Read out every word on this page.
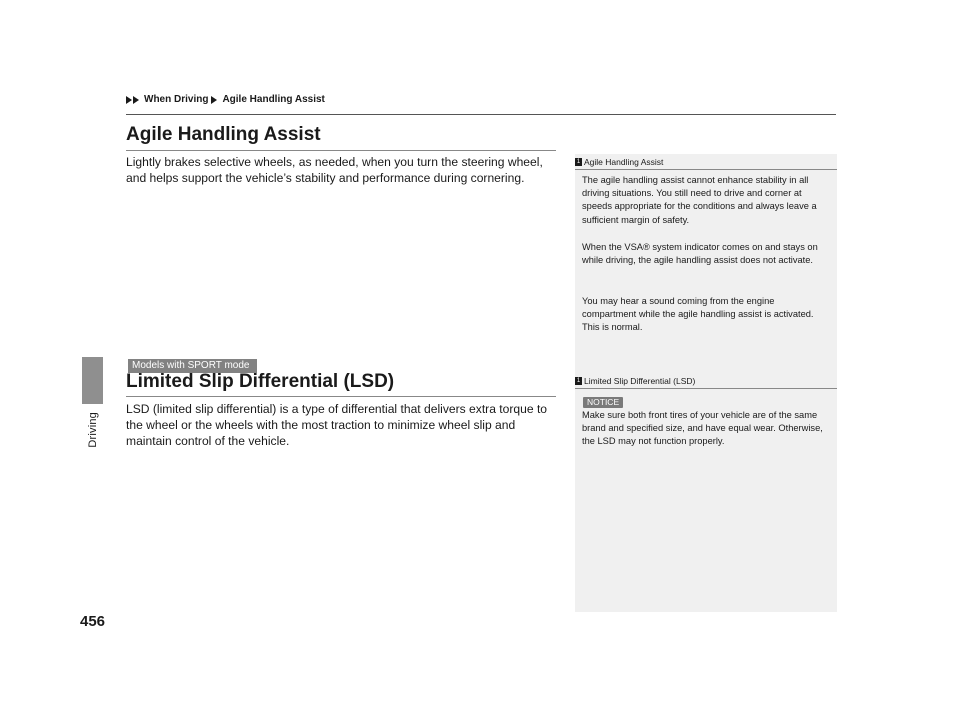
When Driving Agile Handling Assist
Driving
456
Agile Handling Assist

Lightly brakes selective wheels, as needed, when you turn the steering wheel, and helps support the vehicle’s stability and performance during cornering.

Models with SPORT mode
Limited Slip Differential (LSD)

LSD (limited slip differential) is a type of differential that delivers extra torque to the wheel or the wheels with the most traction to minimize wheel slip and maintain control of the vehicle.

1 Agile Handling Assist

The agile handling assist cannot enhance stability in all driving situations. You still need to drive and corner at speeds appropriate for the conditions and always leave a sufficient margin of safety.

When the VSA® system indicator comes on and stays on while driving, the agile handling assist does not activate.

You may hear a sound coming from the engine compartment while the agile handling assist is activated. This is normal.

1 Limited Slip Differential (LSD)
NOTICE

Make sure both front tires of your vehicle are of the same brand and specified size, and have equal wear. Otherwise, the LSD may not function properly.
